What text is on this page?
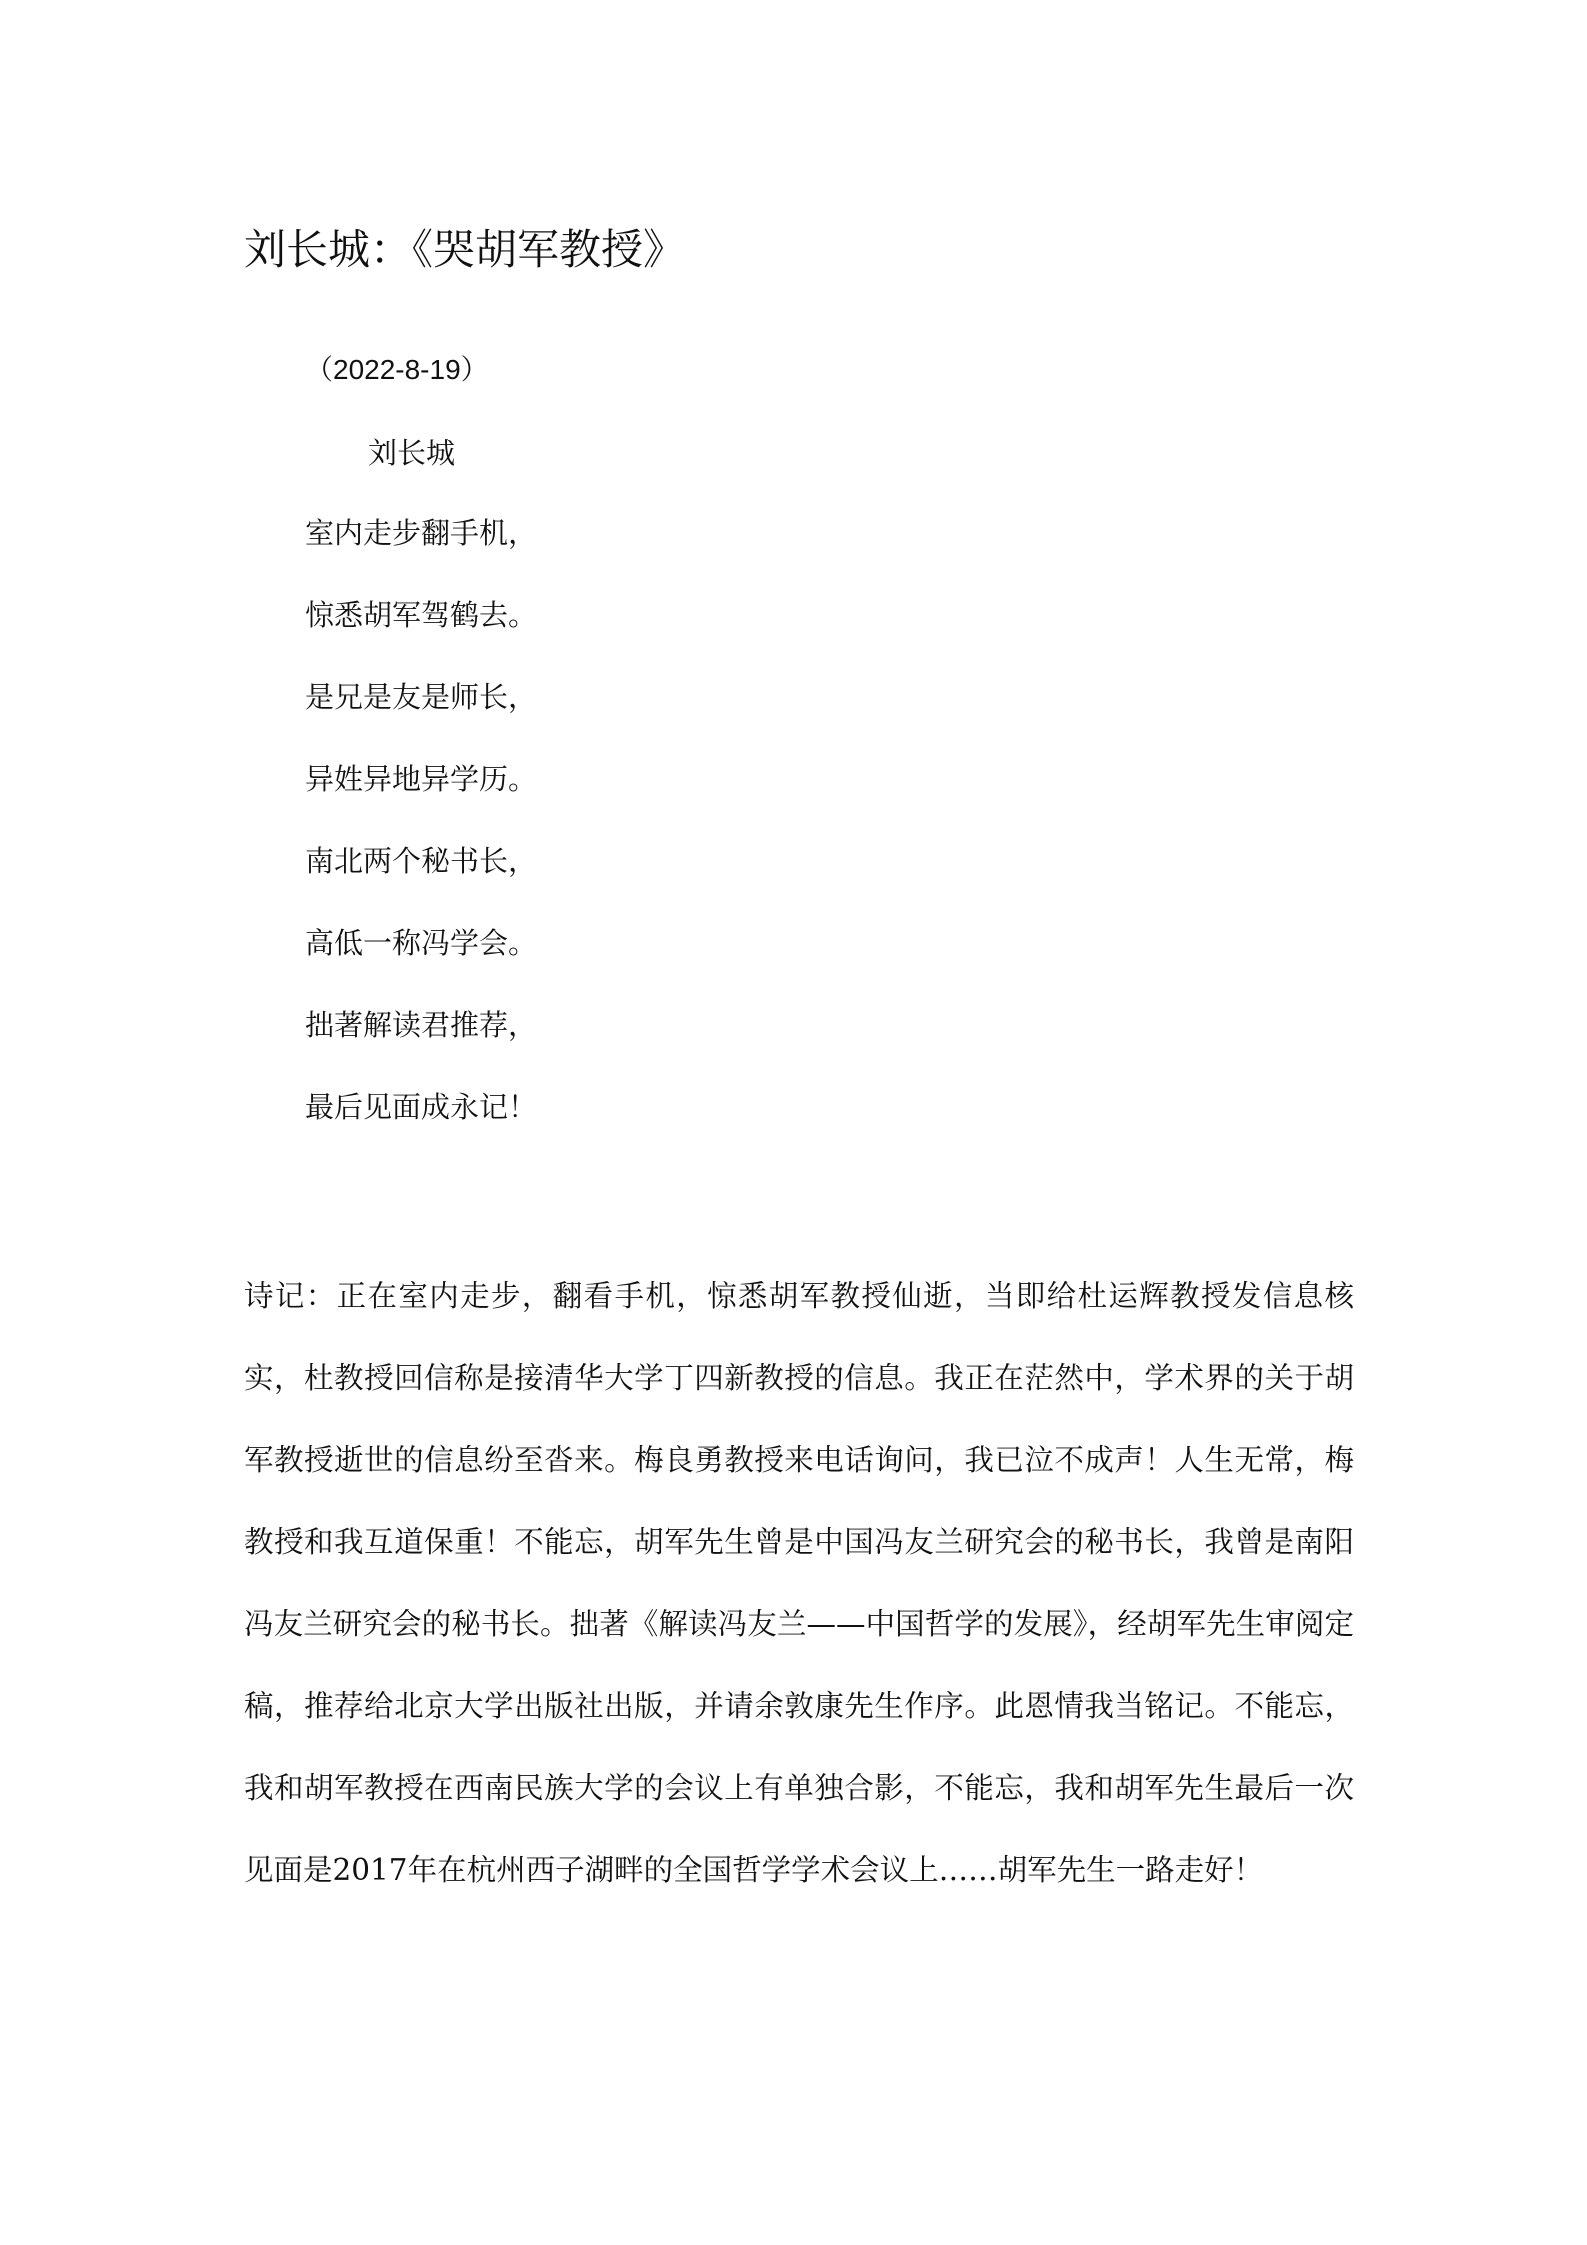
刘长城：《哭胡军教授》
（2022-8-19）
刘长城
室内走步翻手机，
惊悉胡军驾鹤去。
是兄是友是师长，
异姓异地异学历。
南北两个秘书长，
高低一称冯学会。
拙著解读君推荐，
最后见面成永记！

诗记：正在室内走步，翻看手机，惊悉胡军教授仙逝，当即给杜运辉教授发信息核实，杜教授回信称是接清华大学丁四新教授的信息。我正在茫然中，学术界的关于胡军教授逝世的信息纷至沓来。梅良勇教授来电话询问，我已泣不成声！人生无常，梅教授和我互道保重！不能忘，胡军先生曾是中国冯友兰研究会的秘书长，我曾是南阳冯友兰研究会的秘书长。拙著《解读冯友兰——中国哲学的发展》，经胡军先生审阅定稿，推荐给北京大学出版社出版，并请余敦康先生作序。此恩情我当铭记。不能忘，我和胡军教授在西南民族大学的会议上有单独合影，不能忘，我和胡军先生最后一次见面是2017年在杭州西子湖畔的全国哲学学术会议上……胡军先生一路走好！
